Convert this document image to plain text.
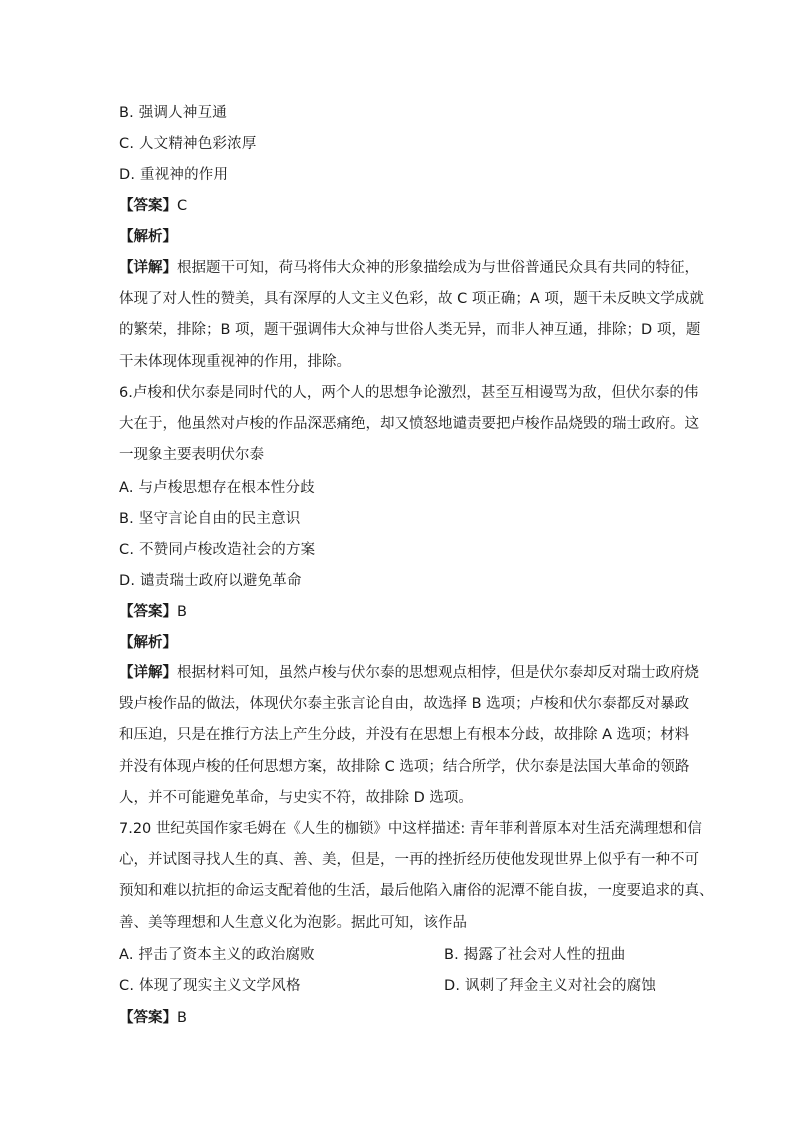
B. 强调人神互通
C. 人文精神色彩浓厚
D. 重视神的作用
【答案】C
【解析】
【详解】根据题干可知，荷马将伟大众神的形象描绘成为与世俗普通民众具有共同的特征，
体现了对人性的赞美，具有深厚的人文主义色彩，故 C 项正确；A 项，题干未反映文学成就
的繁荣，排除；B 项，题干强调伟大众神与世俗人类无异，而非人神互通，排除；D 项，题
干未体现体现重视神的作用，排除。
6.卢梭和伏尔泰是同时代的人，两个人的思想争论激烈，甚至互相谩骂为敌，但伏尔泰的伟
大在于，他虽然对卢梭的作品深恶痛绝，却又愤怒地谴责要把卢梭作品烧毁的瑞士政府。这
一现象主要表明伏尔泰
A. 与卢梭思想存在根本性分歧
B. 坚守言论自由的民主意识
C. 不赞同卢梭改造社会的方案
D. 谴责瑞士政府以避免革命
【答案】B
【解析】
【详解】根据材料可知，虽然卢梭与伏尔泰的思想观点相悖，但是伏尔泰却反对瑞士政府烧
毁卢梭作品的做法，体现伏尔泰主张言论自由，故选择 B 选项；卢梭和伏尔泰都反对暴政
和压迫，只是在推行方法上产生分歧，并没有在思想上有根本分歧，故排除 A 选项；材料
并没有体现卢梭的任何思想方案，故排除 C 选项；结合所学，伏尔泰是法国大革命的领路
人，并不可能避免革命，与史实不符，故排除 D 选项。
7.20 世纪英国作家毛姆在《人生的枷锁》中这样描述: 青年菲利普原本对生活充满理想和信
心，并试图寻找人生的真、善、美，但是，一再的挫折经历使他发现世界上似乎有一种不可
预知和难以抗拒的命运支配着他的生活，最后他陷入庸俗的泥潭不能自拔，一度要追求的真、
善、美等理想和人生意义化为泡影。据此可知，该作品
A. 抨击了资本主义的政治腐败	B. 揭露了社会对人性的扭曲
C. 体现了现实主义文学风格	D. 讽刺了拜金主义对社会的腐蚀
【答案】B
